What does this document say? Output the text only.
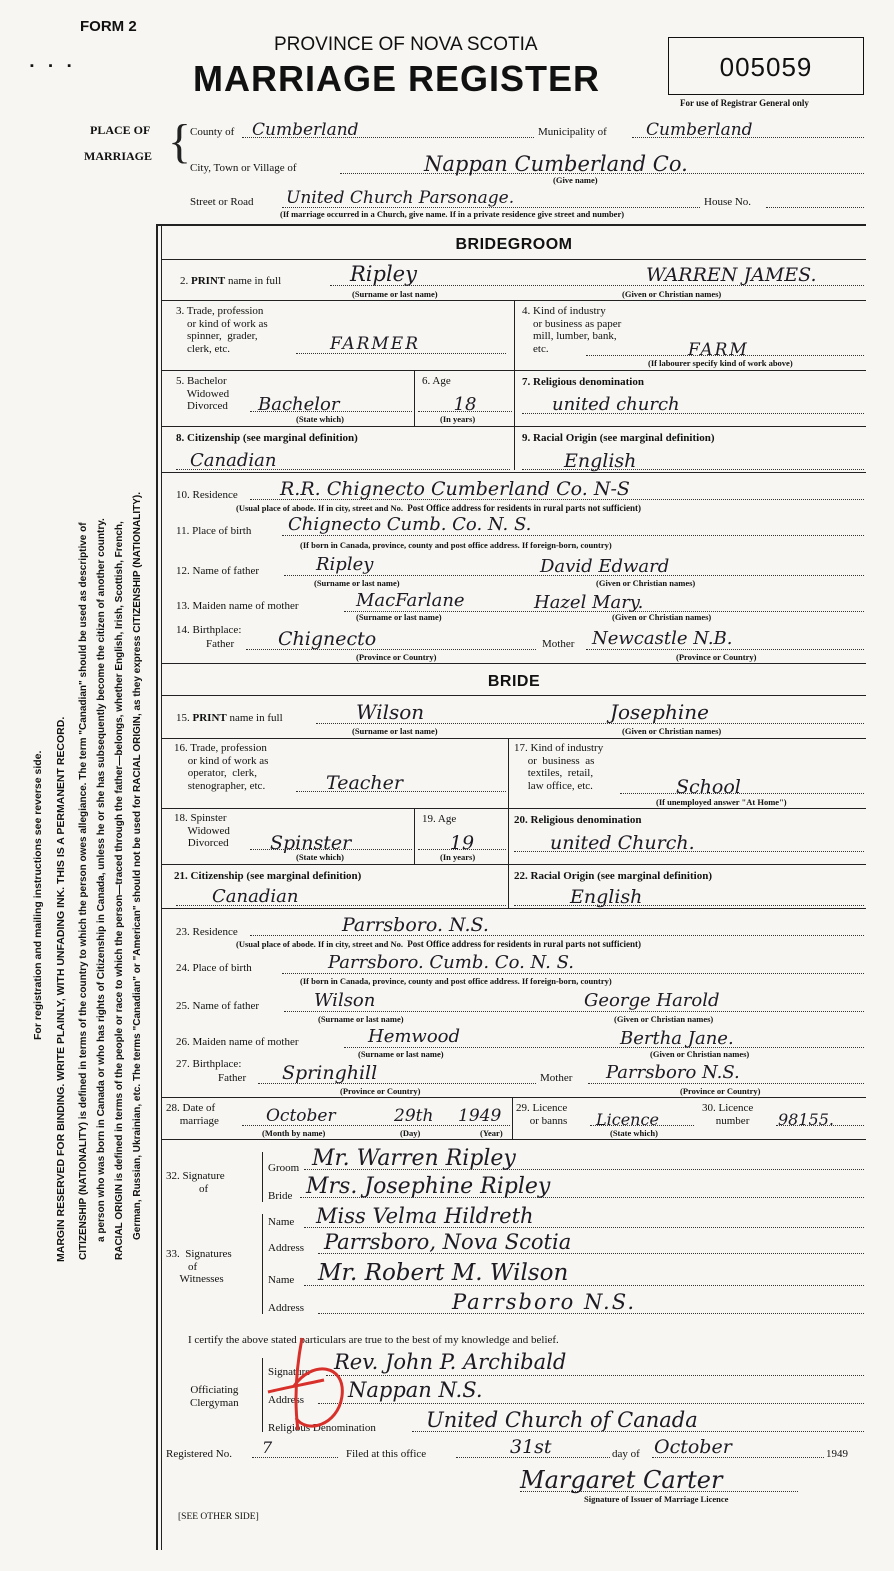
FORM 2
▪ ▪ ▪
PROVINCE OF NOVA SCOTIA
MARRIAGE REGISTER	005059
For use of Registrar General only
PLACE OF
MARRIAGE {
County of	Cumberland	Municipality of	Cumberland
City, Town or Village of	Nappan Cumberland Co.
(Give name)
Street or Road United Church Parsonage.	House No.
(If marriage occurred in a Church, give name. If in a private residence give street and number)
For registration and mailing instructions see reverse side. MARGIN RESERVED FOR BINDING. WRITE PLAINLY, WITH UNFADING INK. THIS IS A PERMANENT RECORD. CITIZENSHIP (NATIONALITY) is defined in terms of the country to which the person owes allegiance. The term "Canadian" should be used as descriptive of a person who was born in Canada or who has rights of Citizenship in Canada, unless he or she has subsequently become the citizen of another country. RACIAL ORIGIN is defined in terms of the people or race to which the person—traced through the father—belongs, whether English, Irish, Scottish, French, German, Russian, Ukrainian, etc. The terms "Canadian" or "American" should not be used for RACIAL ORIGIN, as they express CITIZENSHIP (NATIONALITY).
BRIDEGROOM
2. PRINT name in full	Ripley	WARREN JAMES.
(Surname or last name)	(Given or Christian names)
3. Trade, profession
or kind of work as
spinner,  grader,
clerk, etc.	FARMER
4. Kind of industry
or business as paper
mill, lumber, bank,
etc.	FARM
(If labourer specify kind of work above)
5. Bachelor
Widowed
Divorced	Bachelor
(State which)
6. Age
18
(In years)
7. Religious denomination
united church
8. Citizenship (see marginal definition)
Canadian
9. Racial Origin (see marginal definition)
English
10. Residence	R.R. Chignecto Cumberland Co. N-S
(Usual place of abode. If in city, street and No. Post Office address for residents in rural parts not sufficient)
11. Place of birth	Chignecto Cumb. Co. N. S.
(If born in Canada, province, county and post office address. If foreign-born, country)
12. Name of father	Ripley	David Edward
(Surname or last name)	(Given or Christian names)
13. Maiden name of mother	MacFarlane	Hazel Mary.
(Surname or last name)	(Given or Christian names)
14. Birthplace:
Father	Chignecto	Mother Newcastle N.B.
(Province or Country)	(Province or Country)
BRIDE
15. PRINT name in full	Wilson	Josephine
(Surname or last name)	(Given or Christian names)
16. Trade, profession
or kind of work as
operator,  clerk,
stenographer, etc.	Teacher
17. Kind of industry
or  business  as
textiles,  retail,
law office, etc.	School
(If unemployed answer "At Home")
18. Spinster
Widowed
Divorced	Spinster
(State which)
19. Age
19
(In years)
20. Religious denomination
united Church.
21. Citizenship (see marginal definition)
Canadian
22. Racial Origin (see marginal definition)
English
23. Residence	Parrsboro. N.S.
(Usual place of abode. If in city, street and No. Post Office address for residents in rural parts not sufficient)
24. Place of birth	Parrsboro. Cumb. Co. N. S.
(If born in Canada, province, county and post office address. If foreign-born, country)
25. Name of father	Wilson	George Harold
(Surname or last name)	(Given or Christian names)
26. Maiden name of mother	Hemwood	Bertha Jane.
(Surname or last name)	(Given or Christian names)
27. Birthplace:
Father	Springhill	Mother	Parrsboro N.S.
(Province or Country)	(Province or Country)
28. Date of
marriage	October	29th 1949
(Month by name)	(Day)	(Year)
29. Licence
or banns	Licence
(State which)
30. Licence
number 98155.
32. Signature
of
Groom Mr. Warren Ripley
Bride Mrs. Josephine Ripley
33.  Signatures
of
Witnesses
Name	Miss Velma Hildreth
Address Parrsboro, Nova Scotia
Name	Mr. Robert M. Wilson
Address	Parrsboro N.S.
I certify the above stated particulars are true to the best of my knowledge and belief.
Officiating
Clergyman
Signature	Rev. John P. Archibald
Address	Nappan N.S.
Religious Denomination	United Church of Canada
Registered No.	7	Filed at this office	31st	day of October	1949
Margaret Carter
Signature of Issuer of Marriage Licence
[SEE OTHER SIDE]
